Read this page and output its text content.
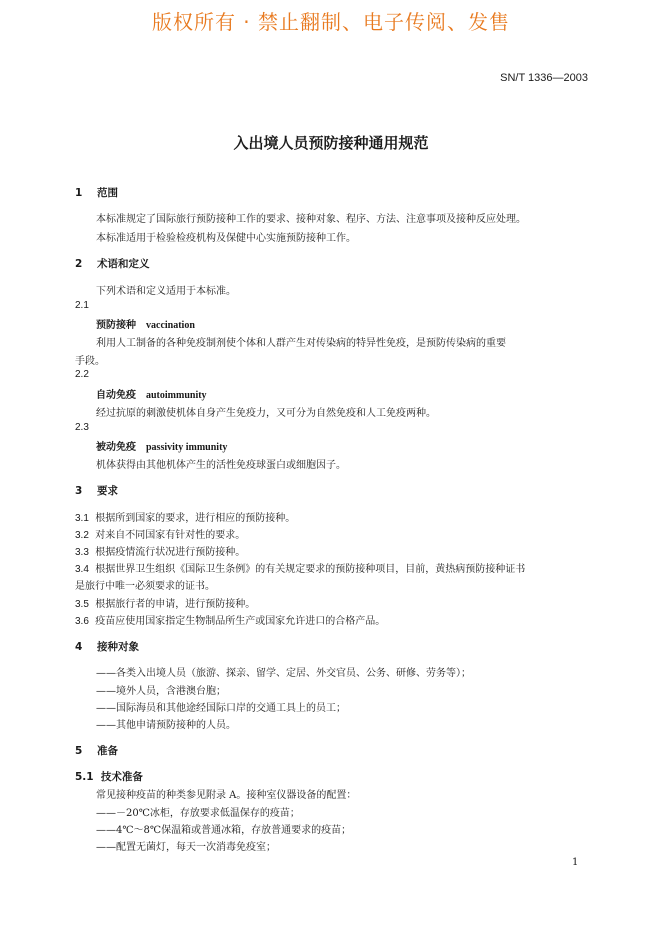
版权所有 · 禁止翻制、电子传阅、发售
SN/T 1336—2003
入出境人员预防接种通用规范
1 范围
本标准规定了国际旅行预防接种工作的要求、接种对象、程序、方法、注意事项及接种反应处理。
本标准适用于检验检疫机构及保健中心实施预防接种工作。
2 术语和定义
下列术语和定义适用于本标准。
2.1
预防接种 vaccination
利用人工制备的各种免疫制剂使个体和人群产生对传染病的特异性免疫，是预防传染病的重要
手段。
2.2
自动免疫 autoimmunity
经过抗原的刺激使机体自身产生免疫力，又可分为自然免疫和人工免疫两种。
2.3
被动免疫 passivity immunity
机体获得由其他机体产生的活性免疫球蛋白或细胞因子。
3 要求
3.1 根据所到国家的要求，进行相应的预防接种。
3.2 对来自不同国家有针对性的要求。
3.3 根据疫情流行状况进行预防接种。
3.4 根据世界卫生组织《国际卫生条例》的有关规定要求的预防接种项目，目前，黄热病预防接种证书
是旅行中唯一必须要求的证书。
3.5 根据旅行者的申请，进行预防接种。
3.6 疫苗应使用国家指定生物制品所生产或国家允许进口的合格产品。
4 接种对象
——各类入出境人员（旅游、探亲、留学、定居、外交官员、公务、研修、劳务等）；
——境外人员，含港澳台胞；
——国际海员和其他途经国际口岸的交通工具上的员工；
——其他申请预防接种的人员。
5 准备
5.1 技术准备
常见接种疫苗的种类参见附录 A。接种室仪器设备的配置：
——－20℃冰柜，存放要求低温保存的疫苗；
——4℃～8℃保温箱或普通冰箱，存放普通要求的疫苗；
——配置无菌灯，每天一次消毒免疫室；
1
